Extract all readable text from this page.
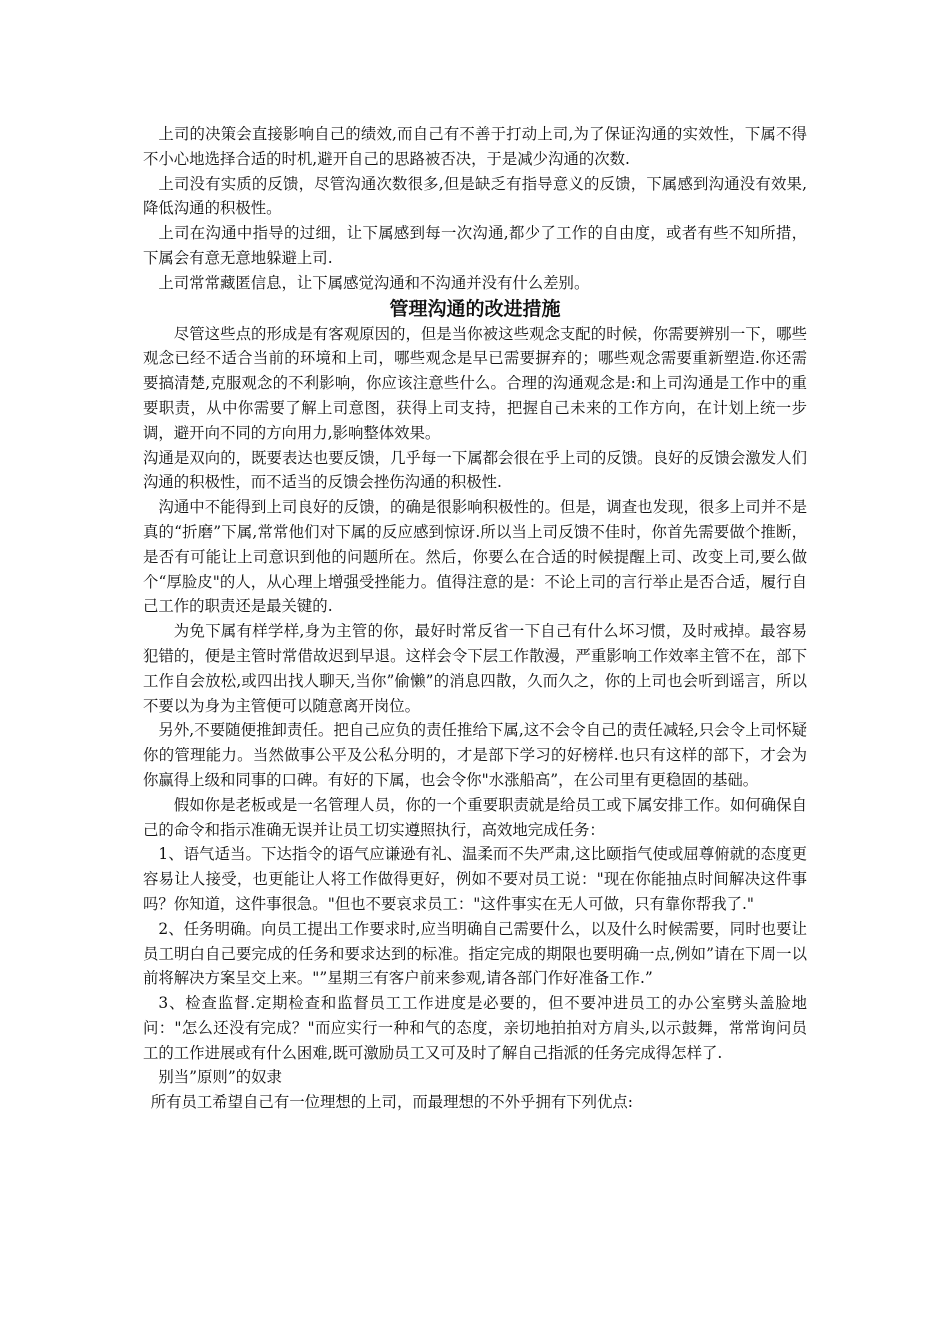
上司的决策会直接影响自己的绩效,而自己有不善于打动上司,为了保证沟通的实效性，下属不得不小心地选择合适的时机,避开自己的思路被否决，于是减少沟通的次数.

上司没有实质的反馈，尽管沟通次数很多,但是缺乏有指导意义的反馈，下属感到沟通没有效果,降低沟通的积极性。

上司在沟通中指导的过细，让下属感到每一次沟通,都少了工作的自由度，或者有些不知所措，下属会有意无意地躲避上司.

上司常常藏匿信息，让下属感觉沟通和不沟通并没有什么差别。

管理沟通的改进措施

尽管这些点的形成是有客观原因的，但是当你被这些观念支配的时候，你需要辨别一下，哪些观念已经不适合当前的环境和上司，哪些观念是早已需要摒弃的；哪些观念需要重新塑造.你还需要搞清楚,克服观念的不利影响，你应该注意些什么。合理的沟通观念是:和上司沟通是工作中的重要职责，从中你需要了解上司意图，获得上司支持，把握自己未来的工作方向，在计划上统一步调，避开向不同的方向用力,影响整体效果。

沟通是双向的，既要表达也要反馈，几乎每一下属都会很在乎上司的反馈。良好的反馈会激发人们沟通的积极性，而不适当的反馈会挫伤沟通的积极性.

沟通中不能得到上司良好的反馈，的确是很影响积极性的。但是，调查也发现，很多上司并不是真的“折磨”下属,常常他们对下属的反应感到惊讶.所以当上司反馈不佳时，你首先需要做个推断，是否有可能让上司意识到他的问题所在。然后，你要么在合适的时候提醒上司、改变上司,要么做个“厚脸皮"的人，从心理上增强受挫能力。值得注意的是：不论上司的言行举止是否合适，履行自己工作的职责还是最关键的.

为免下属有样学样,身为主管的你，最好时常反省一下自己有什么坏习惯，及时戒掉。最容易犯错的，便是主管时常借故迟到早退。这样会令下层工作散漫，严重影响工作效率主管不在，部下工作自会放松,或四出找人聊天,当你”偷懒”的消息四散，久而久之，你的上司也会听到谣言，所以不要以为身为主管便可以随意离开岗位。

另外,不要随便推卸责任。把自己应负的责任推给下属,这不会令自己的责任减轻,只会令上司怀疑你的管理能力。当然做事公平及公私分明的，才是部下学习的好榜样.也只有这样的部下，才会为你赢得上级和同事的口碑。有好的下属，也会令你"水涨船高”，在公司里有更稳固的基础。

假如你是老板或是一名管理人员，你的一个重要职责就是给员工或下属安排工作。如何确保自己的命令和指示准确无误并让员工切实遵照执行，高效地完成任务：

1、语气适当。下达指令的语气应谦逊有礼、温柔而不失严肃,这比颐指气使或屈尊俯就的态度更容易让人接受，也更能让人将工作做得更好，例如不要对员工说："现在你能抽点时间解决这件事吗？你知道，这件事很急。"但也不要哀求员工："这件事实在无人可做，只有靠你帮我了."

2、任务明确。向员工提出工作要求时,应当明确自己需要什么，以及什么时候需要，同时也要让员工明白自己要完成的任务和要求达到的标准。指定完成的期限也要明确一点,例如”请在下周一以前将解决方案呈交上来。"”星期三有客户前来参观,请各部门作好准备工作.”

3、检查监督.定期检查和监督员工工作进度是必要的，但不要冲进员工的办公室劈头盖脸地问："怎么还没有完成？"而应实行一种和气的态度，亲切地拍拍对方肩头,以示鼓舞，常常询问员工的工作进展或有什么困难,既可激励员工又可及时了解自己指派的任务完成得怎样了.

别当”原则”的奴隶

所有员工希望自己有一位理想的上司，而最理想的不外乎拥有下列优点:
